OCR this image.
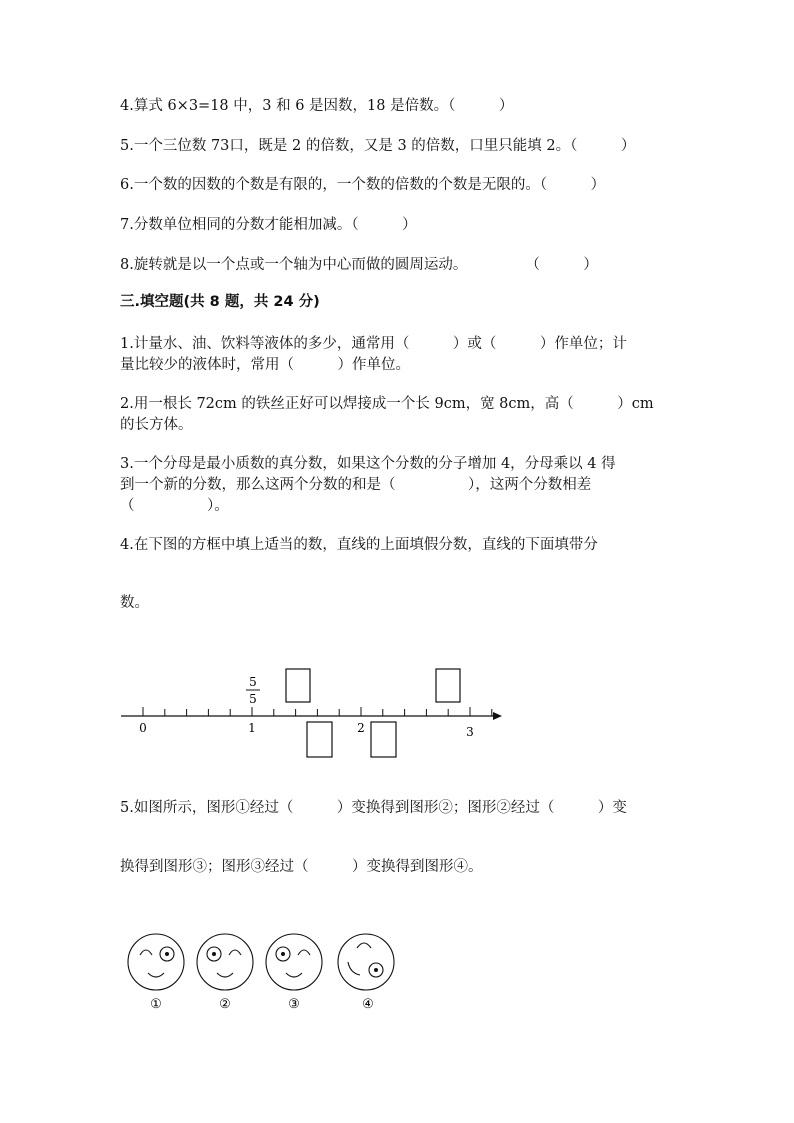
4.算式 6×3=18 中，3 和 6 是因数，18 是倍数。（　　　）
5.一个三位数 73口，既是 2 的倍数，又是 3 的倍数，口里只能填 2。（　　　）
6.一个数的因数的个数是有限的，一个数的倍数的个数是无限的。（　　　）
7.分数单位相同的分数才能相加减。（　　　）
8.旋转就是以一个点或一个轴为中心而做的圆周运动。　　　　　（　　　）
三.填空题(共 8 题，共 24 分)
1.计量水、油、饮料等液体的多少，通常用（　　　）或（　　　）作单位；计
量比较少的液体时，常用（　　　）作单位。
2.用一根长 72cm 的铁丝正好可以焊接成一个长 9cm，宽 8cm，高（　　　）cm
的长方体。
3.一个分母是最小质数的真分数，如果这个分数的分子增加 4，分母乘以 4 得
到一个新的分数，那么这两个分数的和是（　　　　　），这两个分数相差
（　　　　　）。
4.在下图的方框中填上适当的数，直线的上面填假分数，直线的下面填带分
数。
0	1	2	3
5
5
5.如图所示，图形①经过（　　　）变换得到图形②；图形②经过（　　　）变
换得到图形③；图形③经过（　　　）变换得到图形④。
①	②	③	④
